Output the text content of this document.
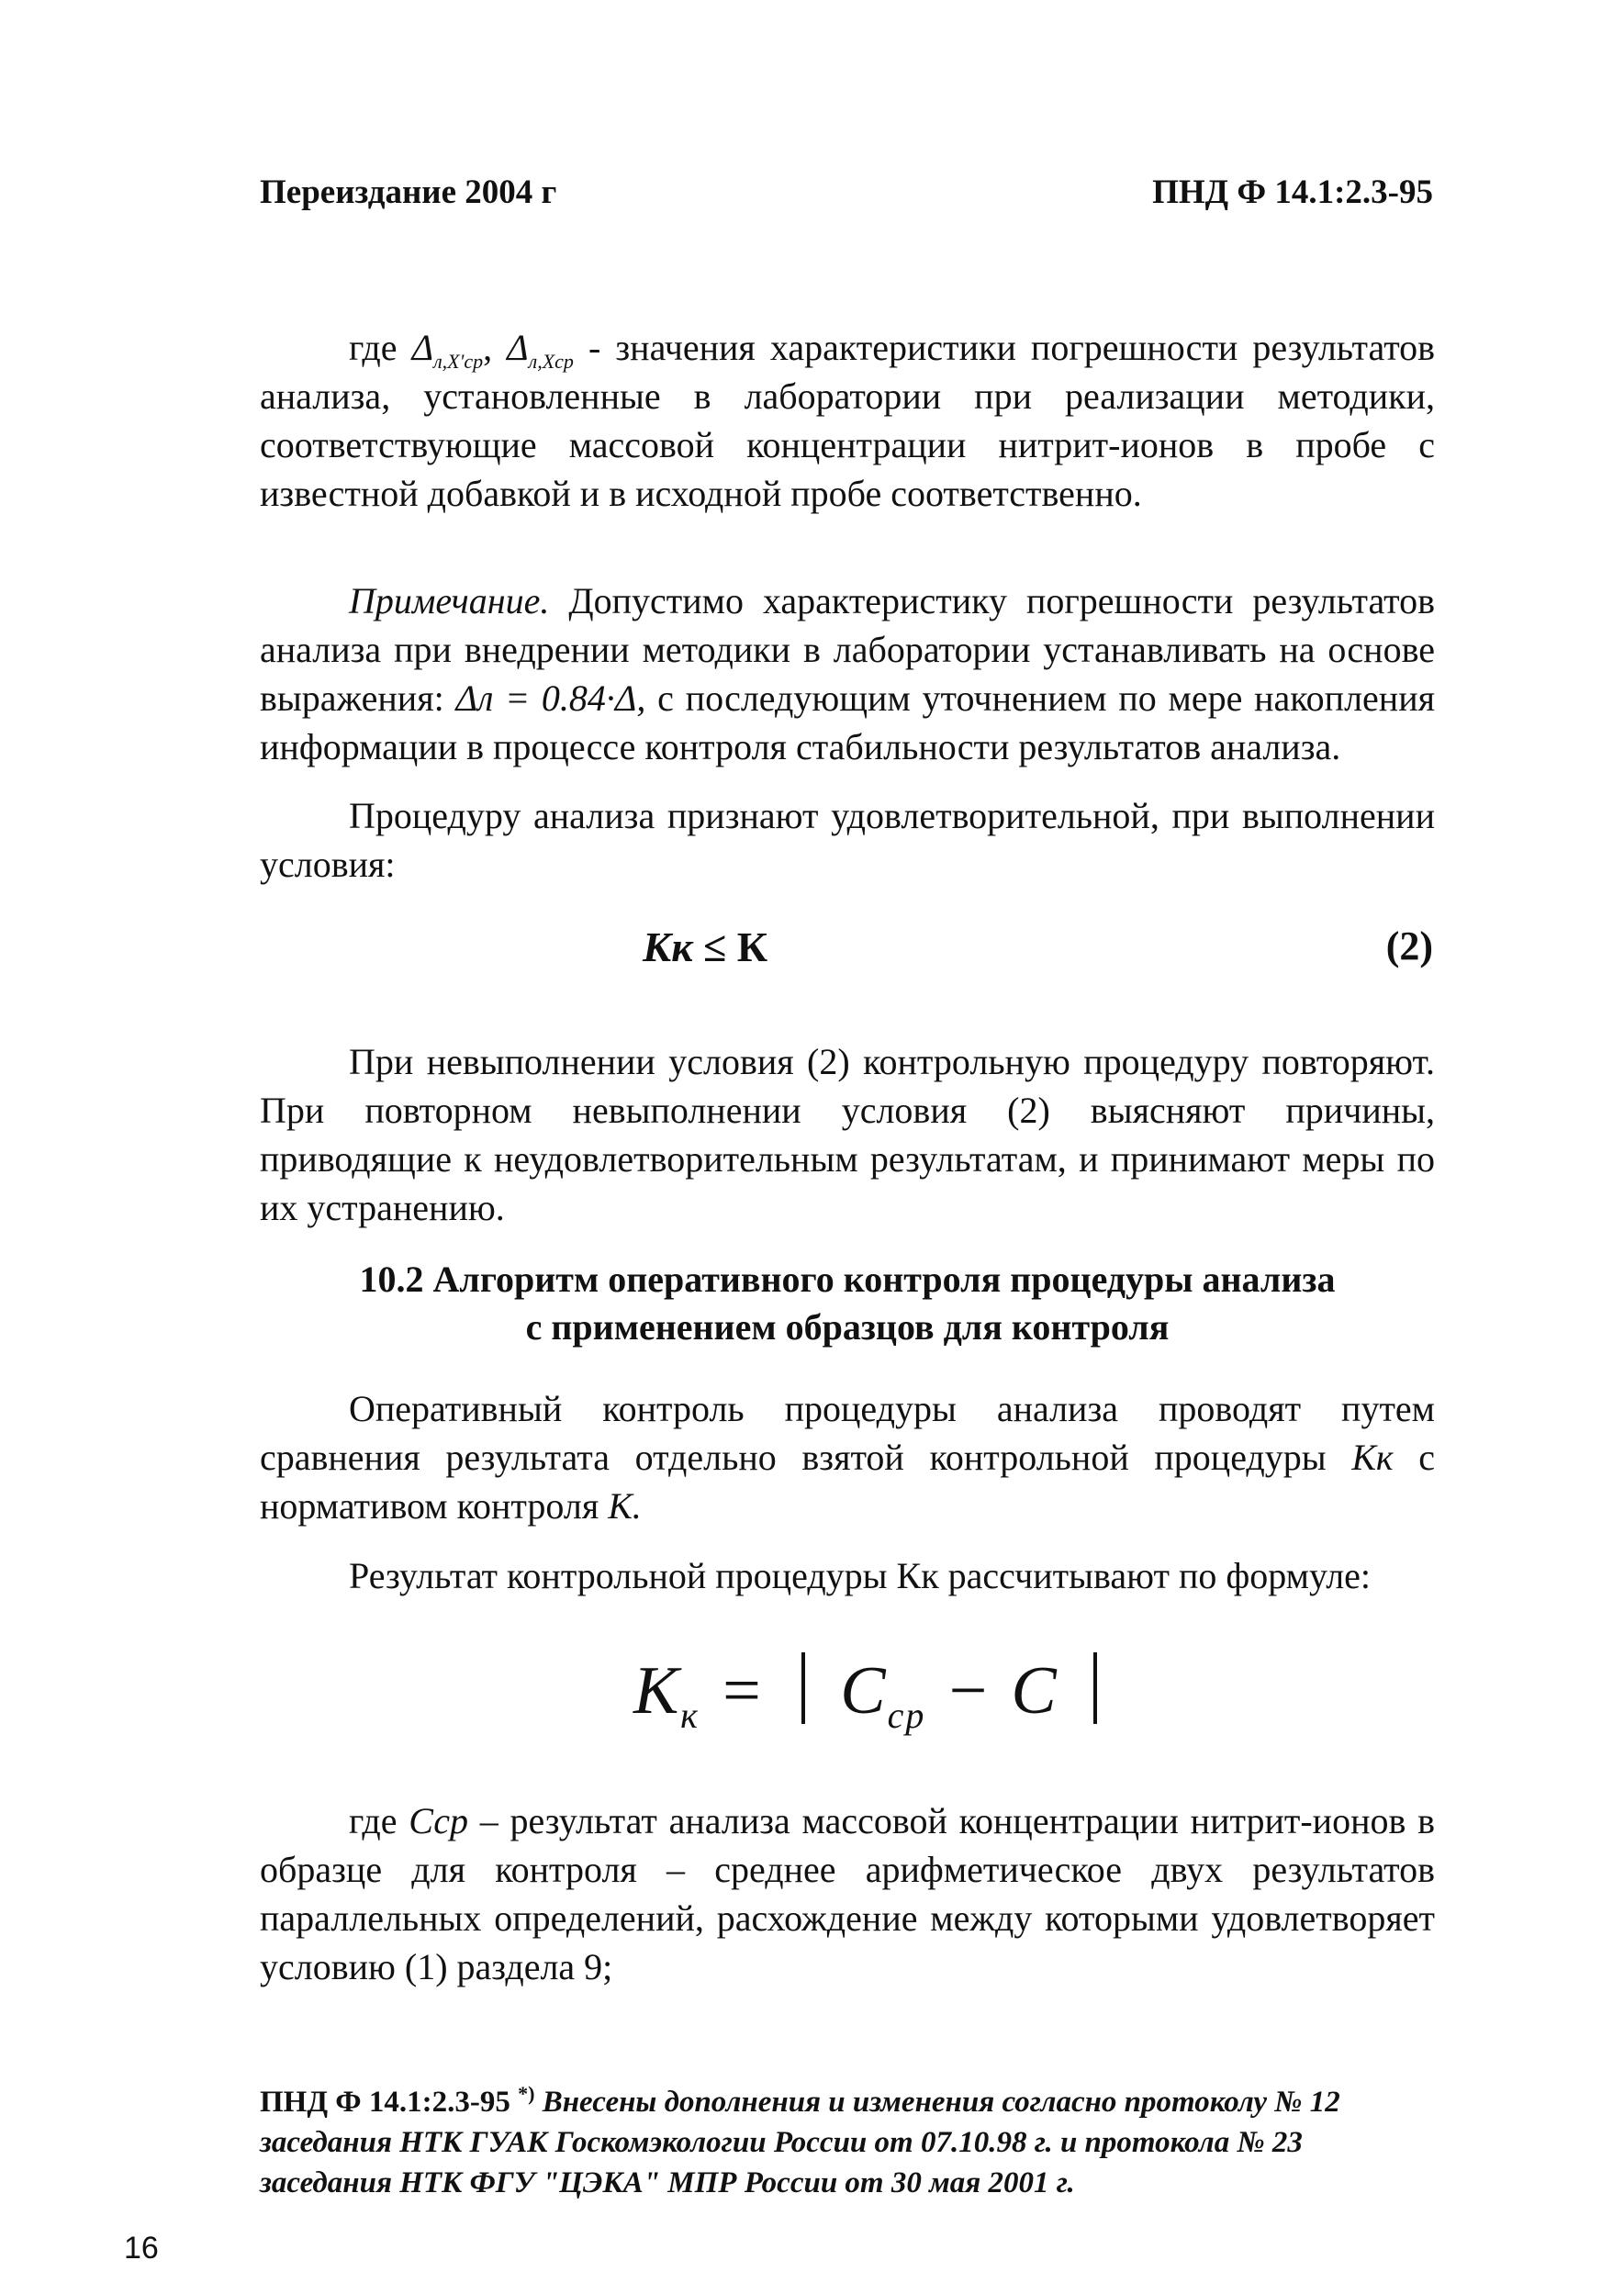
Переиздание 2004 г	ПНД Ф 14.1:2.3-95
где $\Delta_{л,X'ср}$, $\Delta_{л,Xср}$ - значения характеристики погрешности результатов анализа, установленные в лаборатории при реализации методики, соответствующие массовой концентрации нитрит-ионов в пробе с известной добавкой и в исходной пробе соответственно.
Примечание. Допустимо характеристику погрешности результатов анализа при внедрении методики в лаборатории устанавливать на основе выражения: Δл = 0.84·Δ, с последующим уточнением по мере накопления информации в процессе контроля стабильности результатов анализа.
Процедуру анализа признают удовлетворительной, при выполнении условия:
Кк ≤ К	(2)
При невыполнении условия (2) контрольную процедуру повторяют. При повторном невыполнении условия (2) выясняют причины, приводящие к неудовлетворительным результатам, и принимают меры по их устранению.
10.2 Алгоритм оперативного контроля процедуры анализа
с применением образцов для контроля
Оперативный контроль процедуры анализа проводят путем сравнения результата отдельно взятой контрольной процедуры Кк с нормативом контроля К.
Результат контрольной процедуры Кк рассчитывают по формуле:
$К_к = C_{ср} - C$
где Сср – результат анализа массовой концентрации нитрит-ионов в образце для контроля – среднее арифметическое двух результатов параллельных определений, расхождение между которыми удовлетворяет условию (1) раздела 9;
ПНД Ф 14.1:2.3-95 *) Внесены дополнения и изменения согласно протоколу № 12 заседания НТК ГУАК Госкомэкологии России от 07.10.98 г. и протокола № 23 заседания НТК ФГУ "ЦЭКА" МПР России от 30 мая 2001 г.
16
